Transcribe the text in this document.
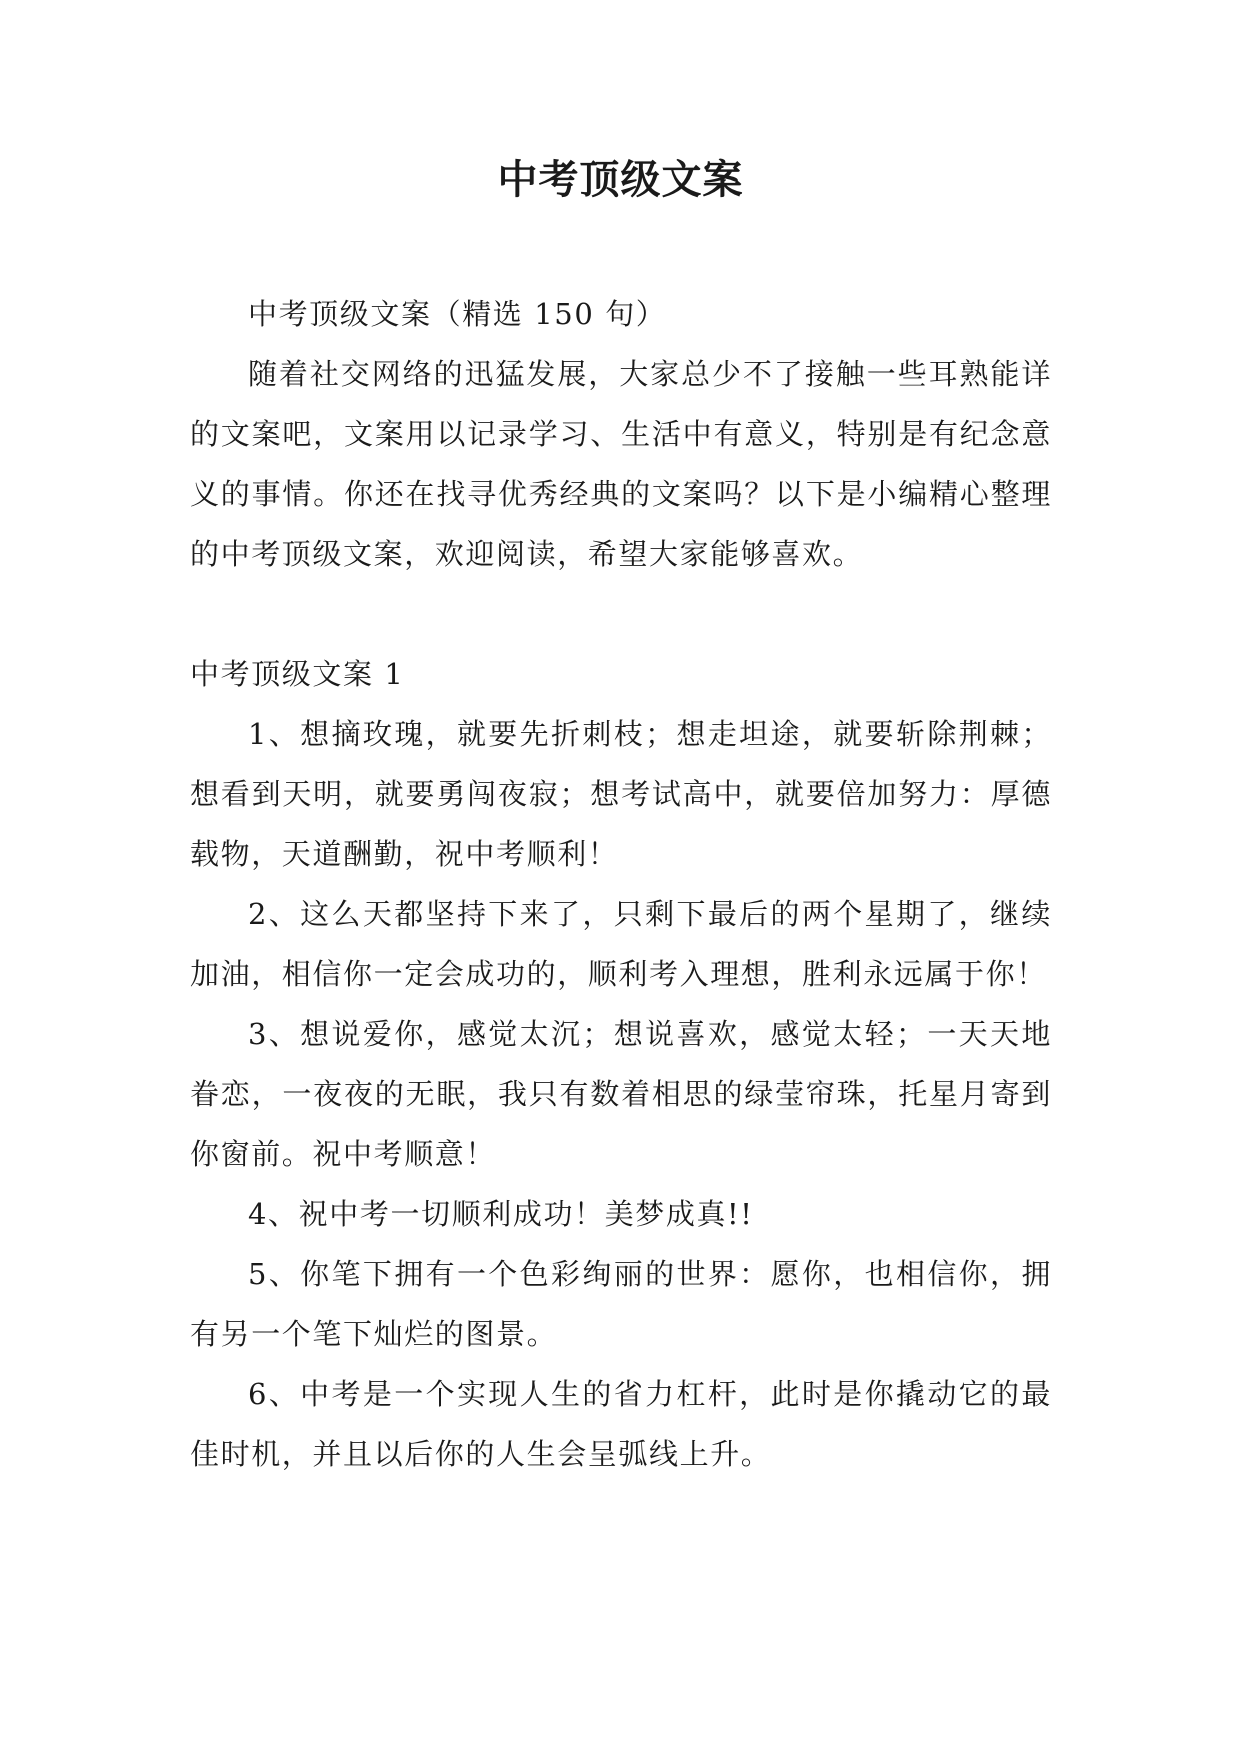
中考顶级文案

中考顶级文案（精选 150 句）

随着社交网络的迅猛发展，大家总少不了接触一些耳熟能详的文案吧，文案用以记录学习、生活中有意义，特别是有纪念意义的事情。你还在找寻优秀经典的文案吗？以下是小编精心整理的中考顶级文案，欢迎阅读，希望大家能够喜欢。

中考顶级文案 1

1、想摘玫瑰，就要先折刺枝；想走坦途，就要斩除荆棘；想看到天明，就要勇闯夜寂；想考试高中，就要倍加努力：厚德载物，天道酬勤，祝中考顺利！

2、这么天都坚持下来了，只剩下最后的两个星期了，继续加油，相信你一定会成功的，顺利考入理想，胜利永远属于你！

3、想说爱你，感觉太沉；想说喜欢，感觉太轻；一天天地眷恋，一夜夜的无眠，我只有数着相思的绿莹帘珠，托星月寄到你窗前。祝中考顺意！

4、祝中考一切顺利成功！美梦成真!!

5、你笔下拥有一个色彩绚丽的世界：愿你，也相信你，拥有另一个笔下灿烂的图景。

6、中考是一个实现人生的省力杠杆，此时是你撬动它的最佳时机，并且以后你的人生会呈弧线上升。
